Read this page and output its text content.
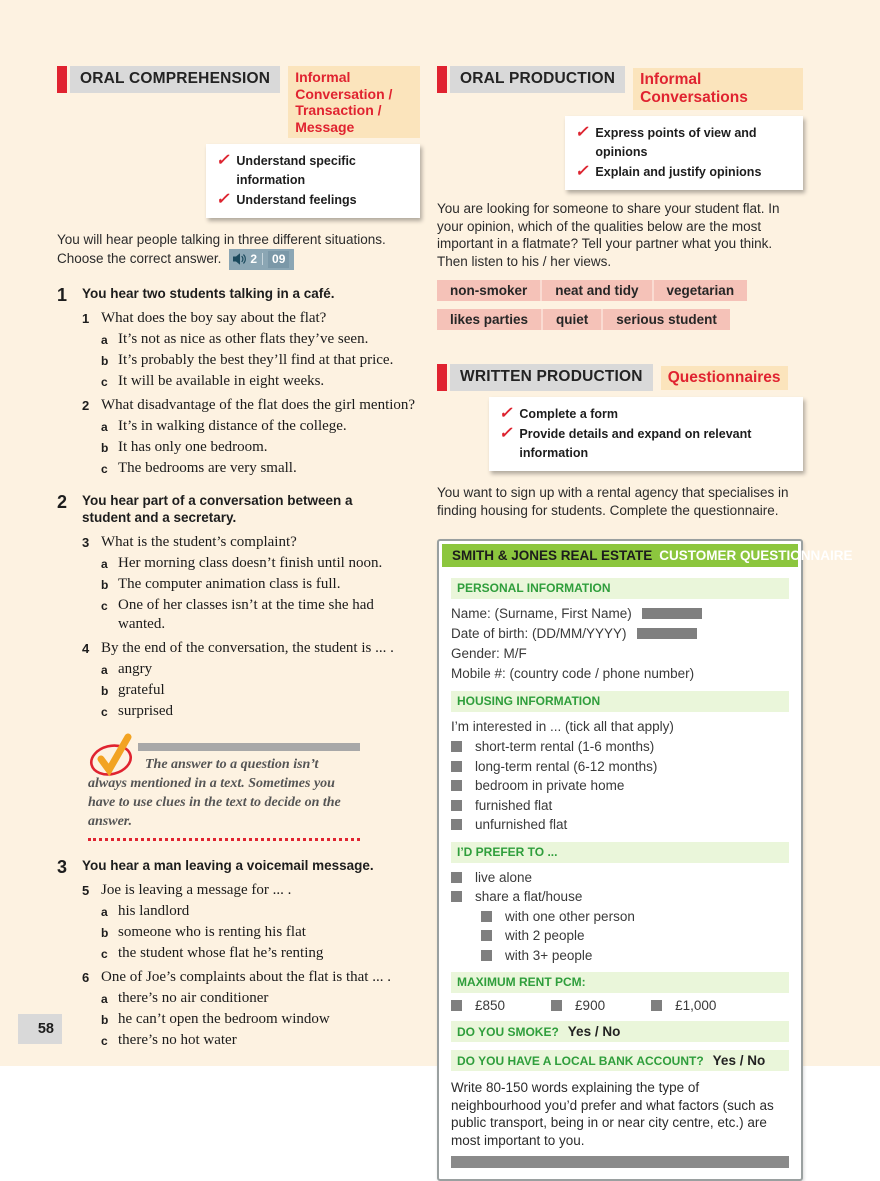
ORAL COMPREHENSION	Informal Conversation /
Transaction / Message
✓ Understand specific information
✓ Understand feelings
You will hear people talking in three different situations.
Choose the correct answer. 2	09
1	You hear two students talking in a café.
1 What does the boy say about the flat?
a It’s not as nice as other flats they’ve seen.
b It’s probably the best they’ll find at that price.
c It will be available in eight weeks.
2 What disadvantage of the flat does the girl mention?
a It’s in walking distance of the college.
b It has only one bedroom.
c The bedrooms are very small.
2	You hear part of a conversation between a student and a secretary.
3 What is the student’s complaint?
a Her morning class doesn’t finish until noon.
b The computer animation class is full.
c One of her classes isn’t at the time she had wanted.
4 By the end of the conversation, the student is ... .
a angry
b grateful
c surprised
The answer to a question isn’t always mentioned in a text. Sometimes you have to use clues in the text to decide on the answer.
3	You hear a man leaving a voicemail message.
5 Joe is leaving a message for ... .
a his landlord
b someone who is renting his flat
c the student whose flat he’s renting
6 One of Joe’s complaints about the flat is that ... .
a there’s no air conditioner
b he can’t open the bedroom window
c there’s no hot water
ORAL PRODUCTION	Informal Conversations
✓ Express points of view and opinions
✓ Explain and justify opinions
You are looking for someone to share your student flat. In your opinion, which of the qualities below are the most important in a flatmate? Tell your partner what you think. Then listen to his / her views.
non-smoker	neat and tidy	vegetarian

likes parties	quiet	serious student
WRITTEN PRODUCTION	Questionnaires
✓ Complete a form
✓ Provide details and expand on relevant information
You want to sign up with a rental agency that specialises in finding housing for students. Complete the questionnaire.
SMITH & JONES REAL ESTATE CUSTOMER QUESTIONNAIRE
PERSONAL INFORMATION
Name: (Surname, First Name)
Date of birth: (DD/MM/YYYY)
Gender: M/F
Mobile #: (country code / phone number)
HOUSING INFORMATION
I’m interested in ... (tick all that apply)
short-term rental (1-6 months)
long-term rental (6-12 months)
bedroom in private home
furnished flat
unfurnished flat
I’D PREFER TO ...
live alone
share a flat/house
with one other person
with 2 people
with 3+ people
MAXIMUM RENT PCM:
£850	£900	£1,000
DO YOU SMOKE? Yes / No
DO YOU HAVE A LOCAL BANK ACCOUNT? Yes / No
Write 80-150 words explaining the type of neighbourhood you’d prefer and what factors (such as public transport, being in or near city centre, etc.) are most important to you.
58
